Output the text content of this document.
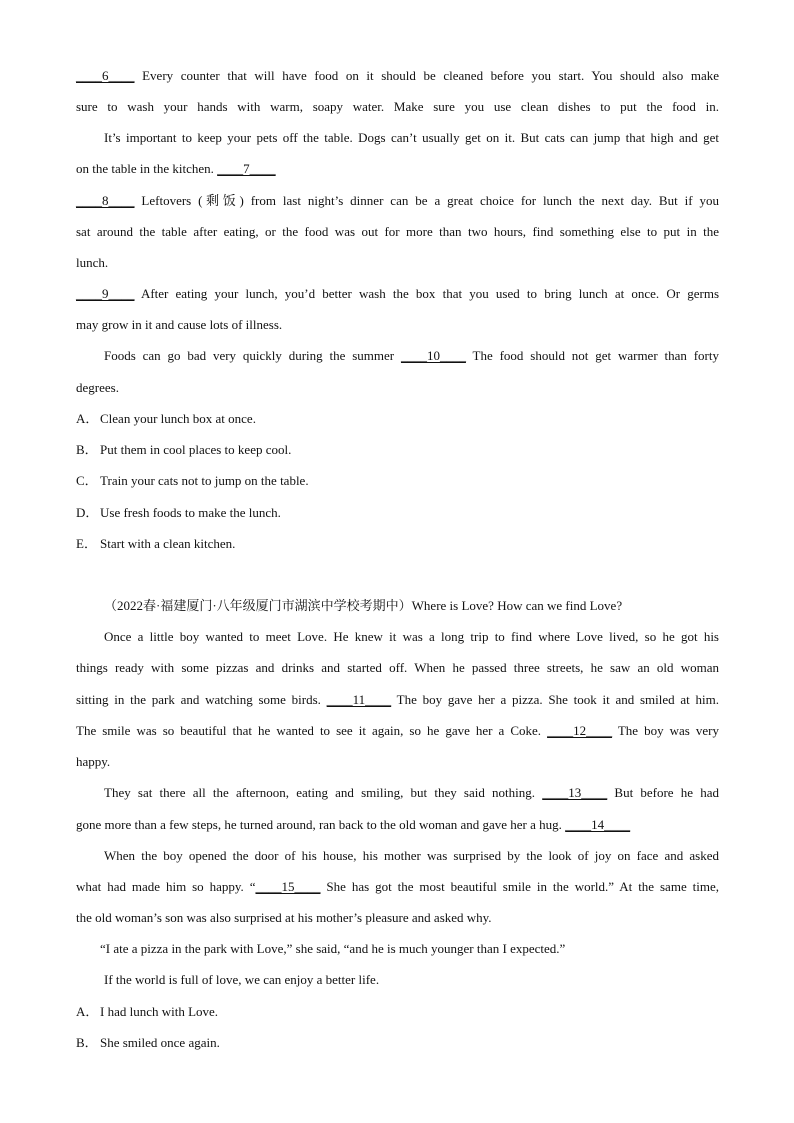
____6____ Every counter that will have food on it should be cleaned before you start. You should also make
sure to wash your hands with warm, soapy water. Make sure you use clean dishes to put the food in.
It’s important to keep your pets off the table. Dogs can’t usually get on it. But cats can jump that high and get
on the table in the kitchen. ____7____
____8____ Leftovers (剩饭) from last night’s dinner can be a great choice for lunch the next day. But if you
sat around the table after eating, or the food was out for more than two hours, find something else to put in the
lunch.
____9____ After eating your lunch, you’d better wash the box that you used to bring lunch at once. Or germs
may grow in it and cause lots of illness.
Foods can go bad very quickly during the summer ____10____ The food should not get warmer than forty
degrees.
A． Clean your lunch box at once.
B． Put them in cool places to keep cool.
C． Train your cats not to jump on the table.
D． Use fresh foods to make the lunch.
E． Start with a clean kitchen.
（2022春·福建厦门·八年级厦门市湖滨中学校考期中）Where is Love? How can we find Love?
Once a little boy wanted to meet Love. He knew it was a long trip to find where Love lived, so he got his
things ready with some pizzas and drinks and started off. When he passed three streets, he saw an old woman
sitting in the park and watching some birds. ____11____ The boy gave her a pizza. She took it and smiled at him.
The smile was so beautiful that he wanted to see it again, so he gave her a Coke. ____12____ The boy was very
happy.
They sat there all the afternoon, eating and smiling, but they said nothing. ____13____ But before he had
gone more than a few steps, he turned around, ran back to the old woman and gave her a hug. ____14____
When the boy opened the door of his house, his mother was surprised by the look of joy on face and asked
what had made him so happy. “____15____ She has got the most beautiful smile in the world.” At the same time,
the old woman’s son was also surprised at his mother’s pleasure and asked why.
“I ate a pizza in the park with Love,” she said, “and he is much younger than I expected.”
If the world is full of love, we can enjoy a better life.
A． I had lunch with Love.
B． She smiled once again.
